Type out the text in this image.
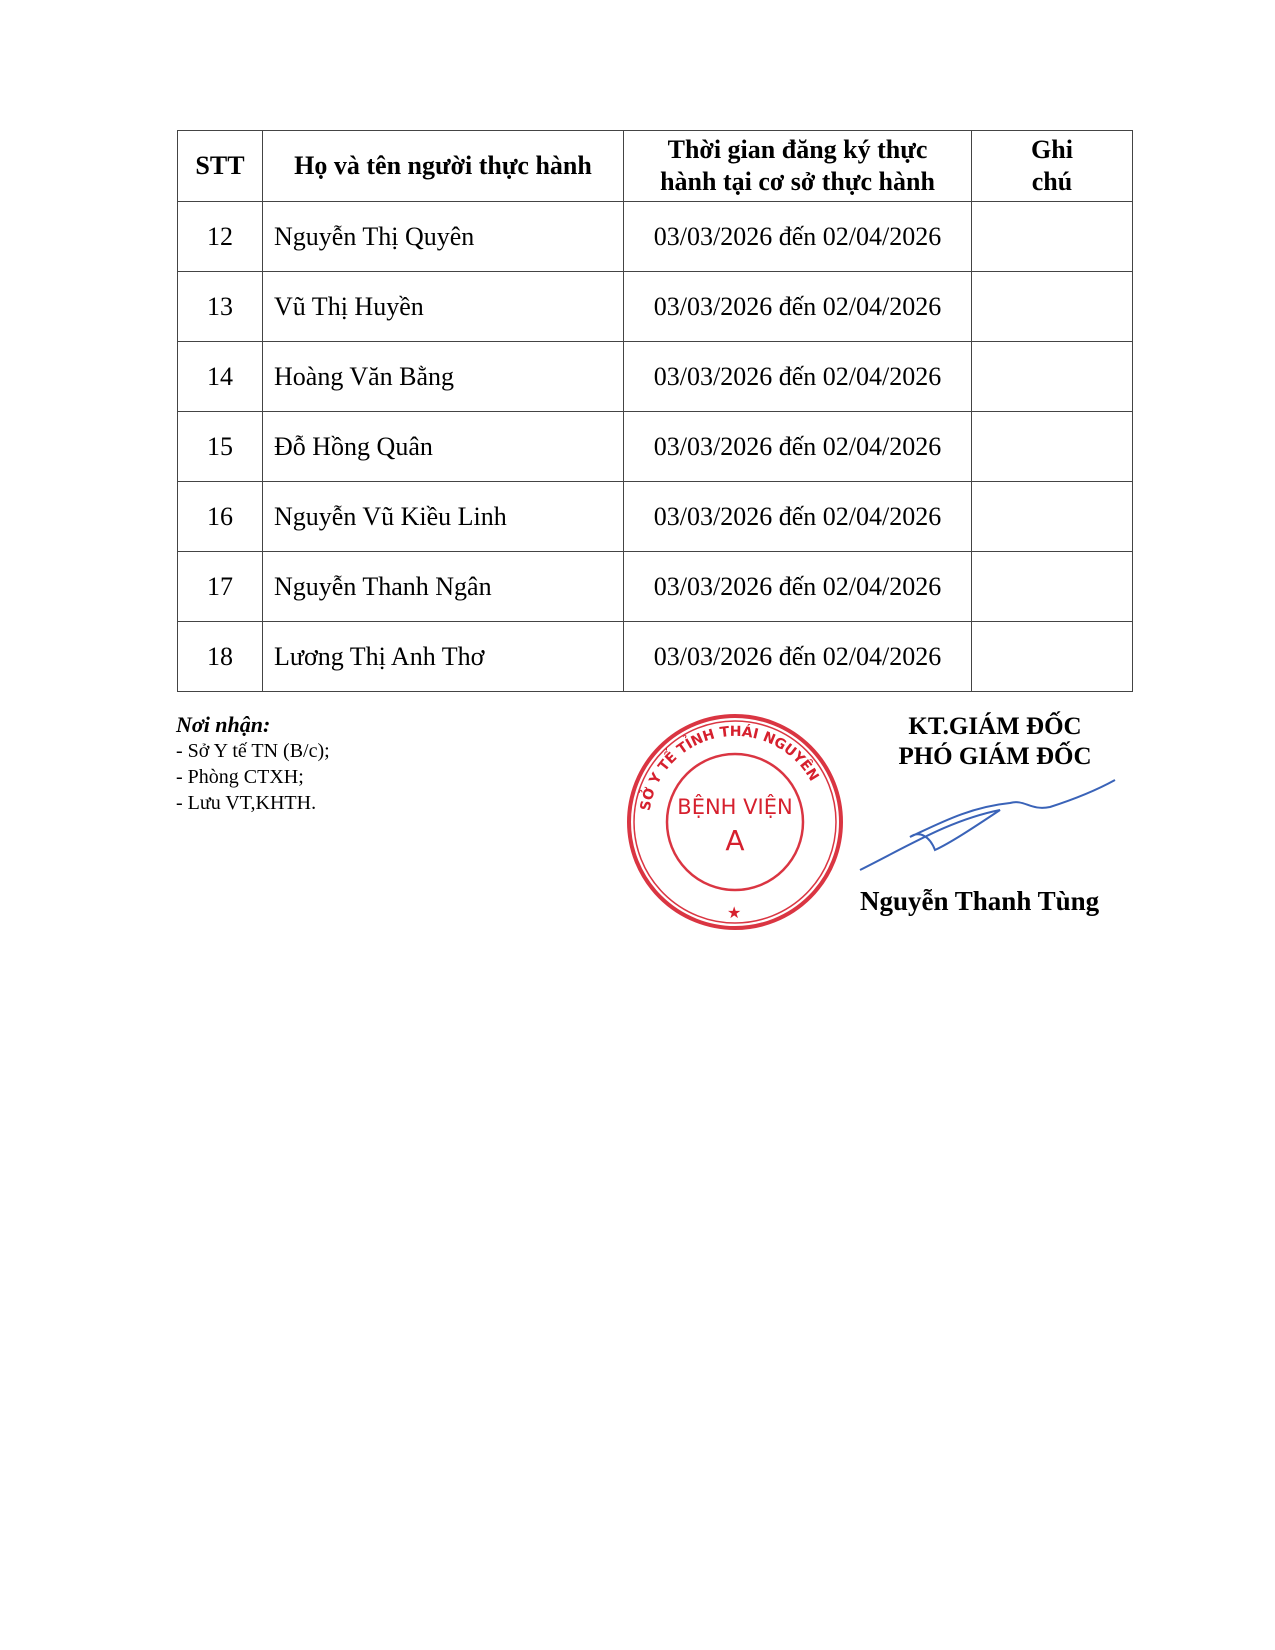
STT	Họ và tên người thực hành	Thời gian đăng ký thực hành tại cơ sở thực hành	Ghi chú

12	Nguyễn Thị Quyên	03/03/2026 đến 02/04/2026	
13	Vũ Thị Huyền	03/03/2026 đến 02/04/2026	
14	Hoàng Văn Bằng	03/03/2026 đến 02/04/2026	
15	Đỗ Hồng Quân	03/03/2026 đến 02/04/2026	
16	Nguyễn Vũ Kiều Linh	03/03/2026 đến 02/04/2026	
17	Nguyễn Thanh Ngân	03/03/2026 đến 02/04/2026	
18	Lương Thị Anh Thơ	03/03/2026 đến 02/04/2026	
Nơi nhận:
- Sở Y tế TN (B/c);
- Phòng CTXH;
- Lưu VT,KHTH.
KT.GIÁM ĐỐC
PHÓ GIÁM ĐỐC
SỞ Y TẾ TỈNH THÁI NGUYÊN
BỆNH VIỆN
A
★	Nguyễn Thanh Tùng
